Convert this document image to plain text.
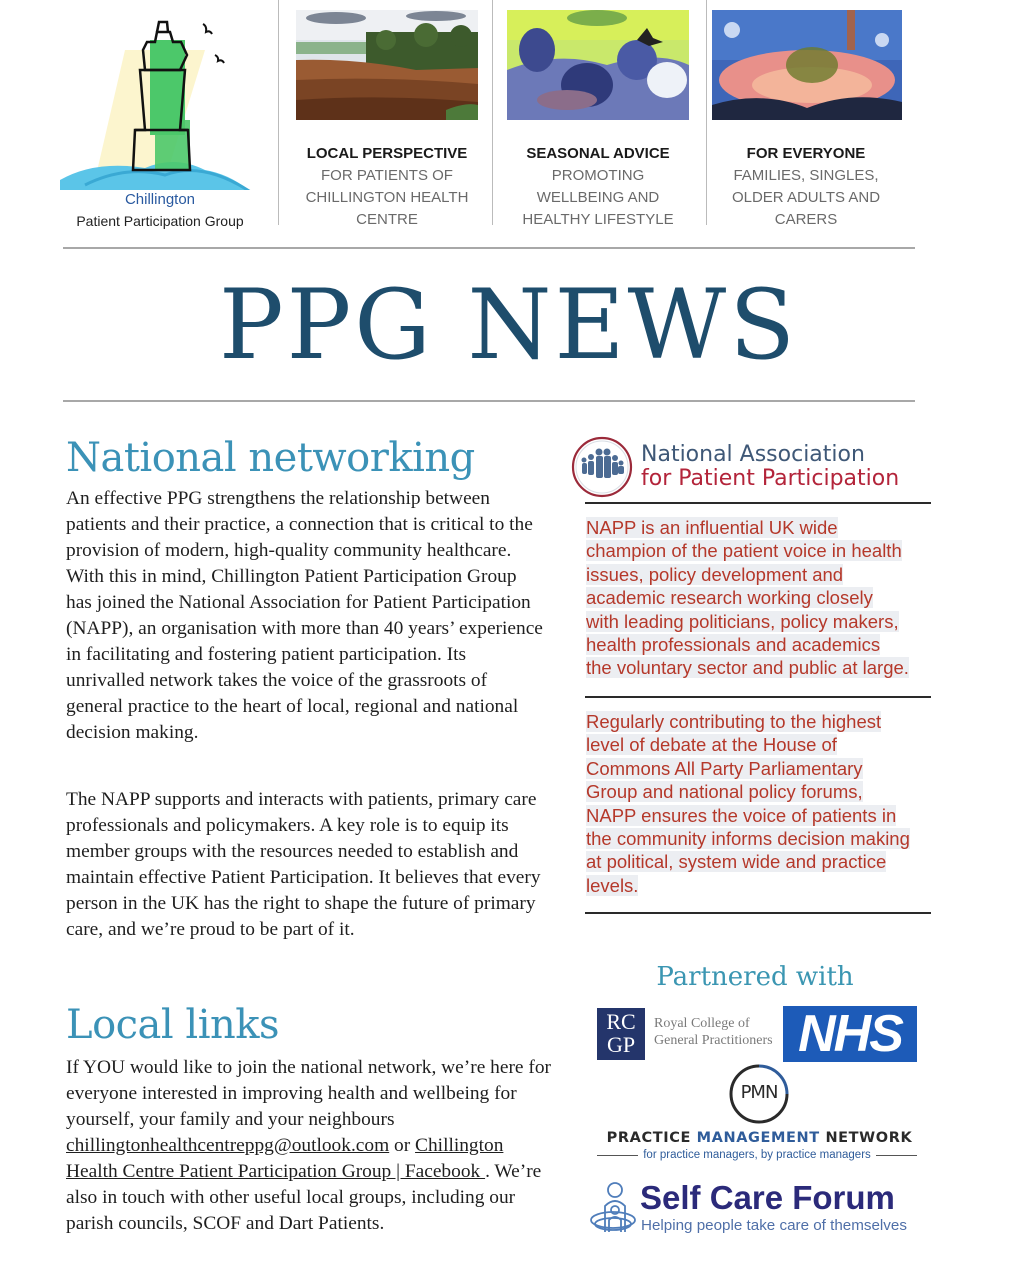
Chillington
Patient Participation Group
LOCAL PERSPECTIVE
FOR PATIENTS OF
CHILLINGTON HEALTH
CENTRE
SEASONAL ADVICE
PROMOTING
WELLBEING AND
HEALTHY LIFESTYLE
FOR EVERYONE
FAMILIES, SINGLES,
OLDER ADULTS AND
CARERS
PPG NEWS
National networking
An effective PPG strengthens the relationship between patients and their practice, a connection that is critical to the provision of modern, high-quality community healthcare. With this in mind, Chillington Patient Participation Group has joined the National Association for Patient Participation (NAPP), an organisation with more than 40 years’ experience in facilitating and fostering patient participation. Its unrivalled network takes the voice of the grassroots of general practice to the heart of local, regional and national decision making.
The NAPP supports and interacts with patients, primary care professionals and policymakers. A key role is to equip its member groups with the resources needed to establish and maintain effective Patient Participation. It believes that every person in the UK has the right to shape the future of primary care, and we’re proud to be part of it.
Local links
If YOU would like to join the national network, we’re here for everyone interested in improving health and wellbeing for yourself, your family and your neighbours chillingtonhealthcentreppg@outlook.com or Chillington Health Centre Patient Participation Group | Facebook . We’re also in touch with other useful local groups, including our parish councils, SCOF and Dart Patients.
National Association
for Patient Participation
NAPP is an influential UK wide
champion of the patient voice in health
issues, policy development and
academic research working closely
with leading politicians, policy makers,
health professionals and academics
the voluntary sector and public at large.
Regularly contributing to the highest
level of debate at the House of
Commons All Party Parliamentary
Group and national policy forums,
NAPP ensures the voice of patients in
the community informs decision making
at political, system wide and practice
levels.
Partnered with
RC
GP
Royal College of
General Practitioners NHS
PMN
PRACTICE MANAGEMENT NETWORK
for practice managers, by practice managers
Self Care Forum
Helping people take care of themselves
